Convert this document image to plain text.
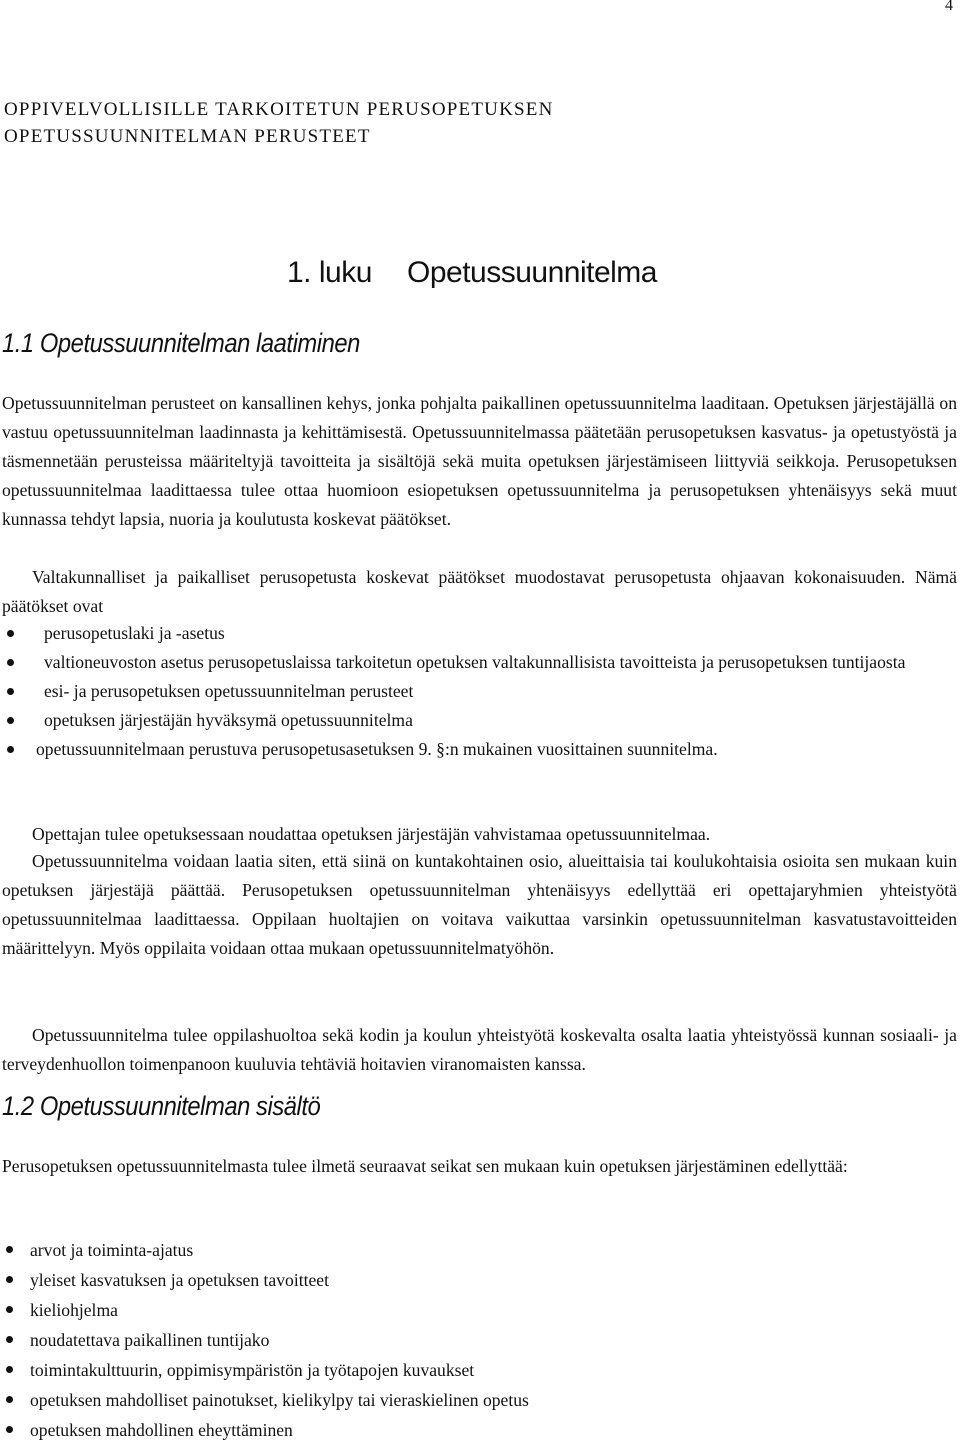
4
OPPIVELVOLLISILLE TARKOITETUN PERUSOPETUKSEN
OPETUSSUUNNITELMAN PERUSTEET
1. luku Opetussuunnitelma
1.1 Opetussuunnitelman laatiminen

Opetussuunnitelman perusteet on kansallinen kehys, jonka pohjalta paikallinen opetussuunnitelma laaditaan. Opetuksen järjestäjällä on vastuu opetussuunnitelman laadinnasta ja kehittämisestä. Opetussuunnitelmassa päätetään perusopetuksen kasvatus- ja opetustyöstä ja täsmennetään perusteissa määriteltyjä tavoitteita ja sisältöjä sekä muita opetuksen järjestämiseen liittyviä seikkoja. Perusopetuksen opetussuunnitelmaa laadittaessa tulee ottaa huomioon esiopetuksen opetussuunnitelma ja perusopetuksen yhtenäisyys sekä muut kunnassa tehdyt lapsia, nuoria ja koulutusta koskevat päätökset.

Valtakunnalliset ja paikalliset perusopetusta koskevat päätökset muodostavat perusopetusta ohjaavan kokonaisuuden. Nämä päätökset ovat

perusopetuslaki ja -asetus
valtioneuvoston asetus perusopetuslaissa tarkoitetun opetuksen valtakunnallisista tavoitteista ja perusopetuksen tuntijaosta
esi- ja perusopetuksen opetussuunnitelman perusteet
opetuksen järjestäjän hyväksymä opetussuunnitelma
opetussuunnitelmaan perustuva perusopetusasetuksen 9. §:n mukainen vuosittainen suunnitelma.

Opettajan tulee opetuksessaan noudattaa opetuksen järjestäjän vahvistamaa opetussuunnitelmaa.

Opetussuunnitelma voidaan laatia siten, että siinä on kuntakohtainen osio, alueittaisia tai koulukohtaisia osioita sen mukaan kuin opetuksen järjestäjä päättää. Perusopetuksen opetussuunnitelman yhtenäisyys edellyttää eri opettajaryhmien yhteistyötä opetussuunnitelmaa laadittaessa. Oppilaan huoltajien on voitava vaikuttaa varsinkin opetussuunnitelman kasvatustavoitteiden määrittelyyn. Myös oppilaita voidaan ottaa mukaan opetussuunnitelmatyöhön.

Opetussuunnitelma tulee oppilashuoltoa sekä kodin ja koulun yhteistyötä koskevalta osalta laatia yhteistyössä kunnan sosiaali- ja terveydenhuollon toimenpanoon kuuluvia tehtäviä hoitavien viranomaisten kanssa.

1.2 Opetussuunnitelman sisältö

Perusopetuksen opetussuunnitelmasta tulee ilmetä seuraavat seikat sen mukaan kuin opetuksen järjestäminen edellyttää:

arvot ja toiminta-ajatus
yleiset kasvatuksen ja opetuksen tavoitteet
kieliohjelma
noudatettava paikallinen tuntijako
toimintakulttuurin, oppimisympäristön ja työtapojen kuvaukset
opetuksen mahdolliset painotukset, kielikylpy tai vieraskielinen opetus
opetuksen mahdollinen eheyttäminen
